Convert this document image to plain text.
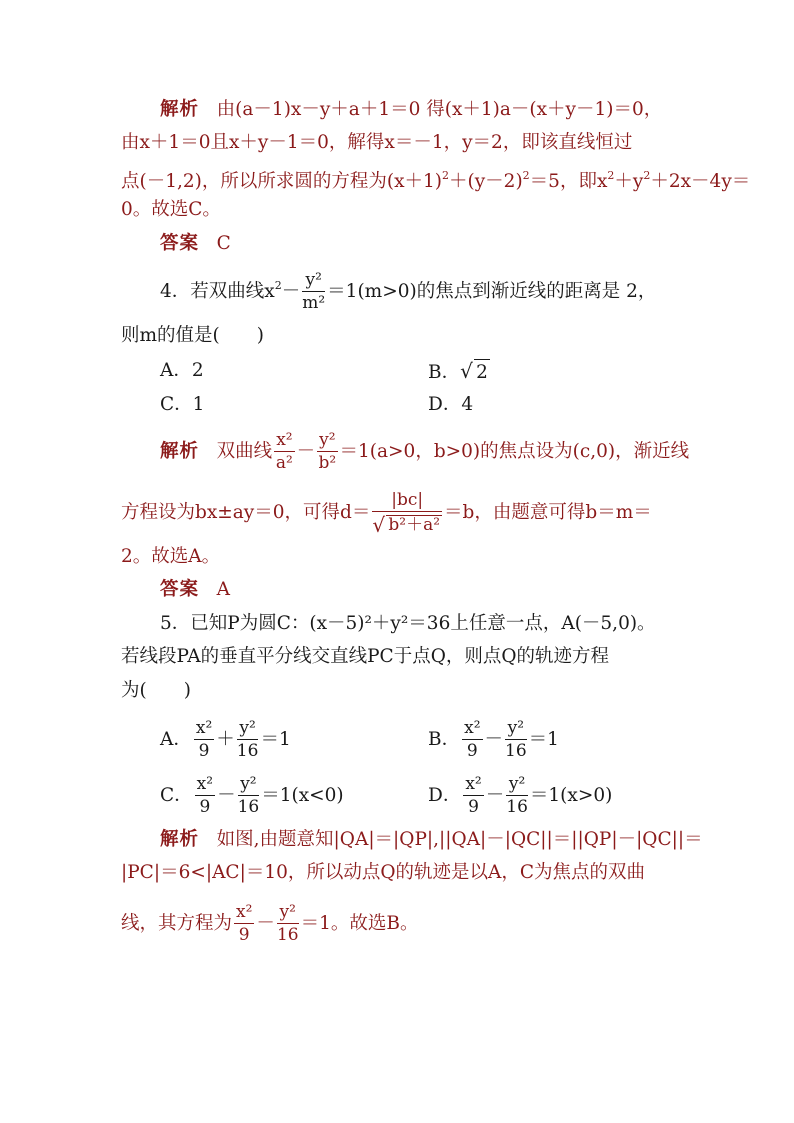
解析 由(a－1)x－y＋a＋1＝0 得(x＋1)a－(x＋y－1)＝0，
由x＋1＝0且x＋y－1＝0，解得x＝－1，y＝2，即该直线恒过
点(－1,2)，所以所求圆的方程为$(x+1)^2+(y-2)^2=5$，即$x^2+y^2+2x-4y=$
0。故选C。
答案 C
4．若双曲线$x^2- \frac{\text{y²}}{\text{m²}} =1(m>0)$的焦点到渐近线的距离是 2，
则m的值是(　　)
A．2	B． √ 2
C．1	D．4
解析 双曲线 $\frac{\text{x²}}{\text{a²}} - \frac{\text{y²}}{\text{b²}} =1(a>0$，b>0)的焦点设为(c,0)，渐近线
方程设为bx±ay＝0，可得$d= \frac{|bc|}{\text{√ b²＋a²}} =b$，由题意可得b＝m＝
2。故选A。
答案 A
5．已知P为圆C：(x－5)²＋y²＝36上任意一点，A(－5,0)。
若线段PA的垂直平分线交直线PC于点Q，则点Q的轨迹方程
为(　　)
A． $\frac{\text{x²}}{9} + \frac{\text{y²}}{16} =1$	B． $\frac{\text{x²}}{9} - \frac{\text{y²}}{16} =1$
C． $\frac{\text{x²}}{9} - \frac{\text{y²}}{16} =1(x<0)$	D． $\frac{\text{x²}}{9} - \frac{\text{y²}}{16} =1(x>0)$
解析 如图,由题意知|QA|＝|QP|,||QA|－|QC||＝||QP|－|QC||＝
|PC|＝6<|AC|＝10，所以动点Q的轨迹是以A，C为焦点的双曲
线，其方程为 $\frac{\text{x²}}{9} - \frac{\text{y²}}{16} =1$。故选B。
